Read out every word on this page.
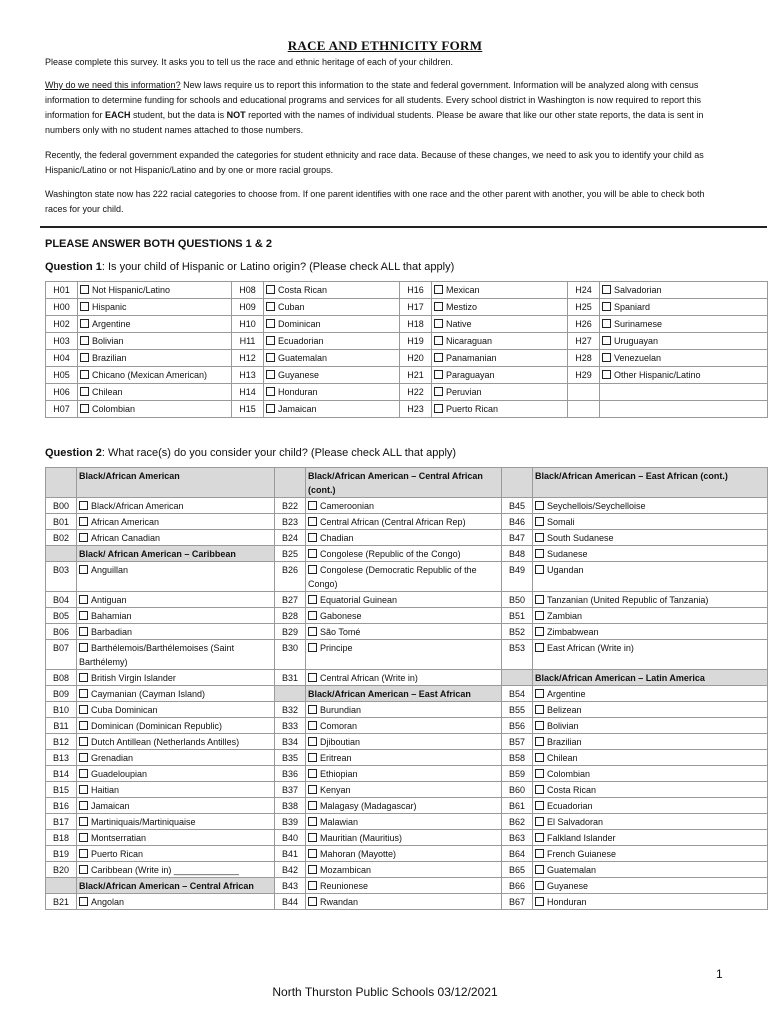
RACE AND ETHNICITY FORM
Please complete this survey. It asks you to tell us the race and ethnic heritage of each of your children.
Why do we need this information? New laws require us to report this information to the state and federal government. Information will be analyzed along with census information to determine funding for schools and educational programs and services for all students. Every school district in Washington is now required to report this information for EACH student, but the data is NOT reported with the names of individual students. Please be aware that like our other state reports, the data is sent in numbers only with no student names attached to those numbers.
Recently, the federal government expanded the categories for student ethnicity and race data. Because of these changes, we need to ask you to identify your child as Hispanic/Latino or not Hispanic/Latino and by one or more racial groups.
Washington state now has 222 racial categories to choose from. If one parent identifies with one race and the other parent with another, you will be able to check both races for your child.
PLEASE ANSWER BOTH QUESTIONS 1 & 2
Question 1: Is your child of Hispanic or Latino origin? (Please check ALL that apply)
H01	Not Hispanic/Latino	H08	Costa Rican	H16	Mexican	H24	Salvadorian
H00	Hispanic	H09	Cuban	H17	Mestizo	H25	Spaniard
H02	Argentine	H10	Dominican	H18	Native	H26	Surinamese
H03	Bolivian	H11	Ecuadorian	H19	Nicaraguan	H27	Uruguayan
H04	Brazilian	H12	Guatemalan	H20	Panamanian	H28	Venezuelan
H05	Chicano (Mexican American)	H13	Guyanese	H21	Paraguayan	H29	Other Hispanic/Latino
H06	Chilean	H14	Honduran	H22	Peruvian		
H07	Colombian	H15	Jamaican	H23	Puerto Rican		
Question 2: What race(s) do you consider your child? (Please check ALL that apply)
	Black/African American		Black/African American – Central African (cont.)		Black/African American – East African (cont.)
B00	Black/African American	B22	Cameroonian	B45	Seychellois/Seychelloise
B01	African American	B23	Central African (Central African Rep)	B46	Somali
B02	African Canadian	B24	Chadian	B47	South Sudanese
	Black/ African American – Caribbean	B25	Congolese (Republic of the Congo)	B48	Sudanese
B03	Anguillan	B26	Congolese (Democratic Republic of the Congo)	B49	Ugandan
B04	Antiguan	B27	Equatorial Guinean	B50	Tanzanian (United Republic of Tanzania)
B05	Bahamian	B28	Gabonese	B51	Zambian
B06	Barbadian	B29	São Tomé	B52	Zimbabwean
B07	Barthélemois/Barthélemoises (Saint Barthélemy)	B30	Principe	B53	East African (Write in)
B08	British Virgin Islander	B31	Central African (Write in)		Black/African American – Latin America
B09	Caymanian (Cayman Island)		Black/African American – East African	B54	Argentine
B10	Cuba Dominican	B32	Burundian	B55	Belizean
B11	Dominican (Dominican Republic)	B33	Comoran	B56	Bolivian
B12	Dutch Antillean (Netherlands Antilles)	B34	Djiboutian	B57	Brazilian
B13	Grenadian	B35	Eritrean	B58	Chilean
B14	Guadeloupian	B36	Ethiopian	B59	Colombian
B15	Haitian	B37	Kenyan	B60	Costa Rican
B16	Jamaican	B38	Malagasy (Madagascar)	B61	Ecuadorian
B17	Martiniquais/Martiniquaise	B39	Malawian	B62	El Salvadoran
B18	Montserratian	B40	Mauritian (Mauritius)	B63	Falkland Islander
B19	Puerto Rican	B41	Mahoran (Mayotte)	B64	French Guianese
B20	Caribbean (Write in) _____________	B42	Mozambican	B65	Guatemalan
	Black/African American – Central African	B43	Reunionese	B66	Guyanese
B21	Angolan	B44	Rwandan	B67	Honduran
1
North Thurston Public Schools 03/12/2021
